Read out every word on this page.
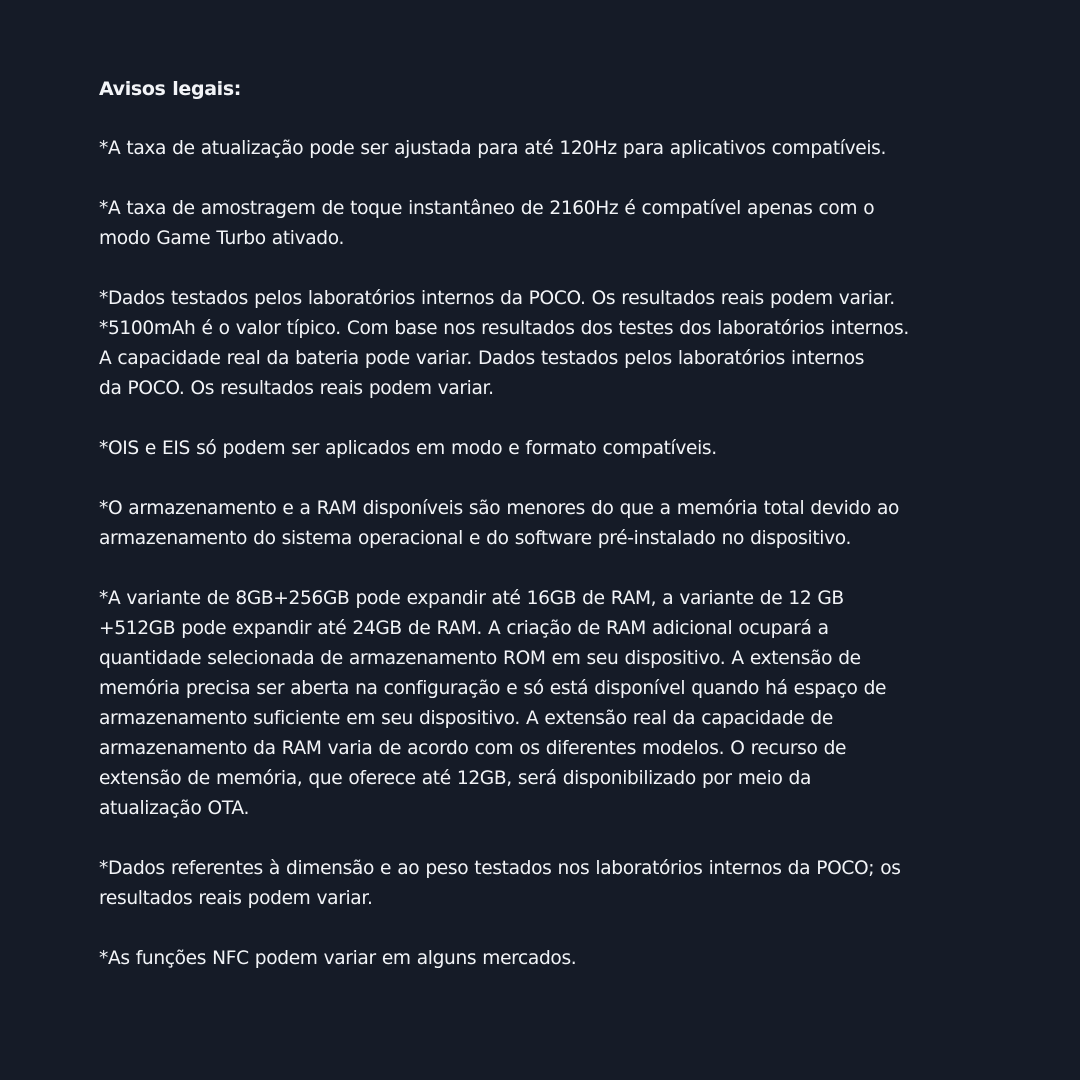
Avisos legais:
*A taxa de atualização pode ser ajustada para até 120Hz para aplicativos compatíveis.
*A taxa de amostragem de toque instantâneo de 2160Hz é compatível apenas com o
modo Game Turbo ativado.
*Dados testados pelos laboratórios internos da POCO. Os resultados reais podem variar.
*5100mAh é o valor típico. Com base nos resultados dos testes dos laboratórios internos.
A capacidade real da bateria pode variar. Dados testados pelos laboratórios internos
da POCO. Os resultados reais podem variar.
*OIS e EIS só podem ser aplicados em modo e formato compatíveis.
*O armazenamento e a RAM disponíveis são menores do que a memória total devido ao
armazenamento do sistema operacional e do software pré-instalado no dispositivo.
*A variante de 8GB+256GB pode expandir até 16GB de RAM, a variante de 12 GB
+512GB pode expandir até 24GB de RAM. A criação de RAM adicional ocupará a
quantidade selecionada de armazenamento ROM em seu dispositivo. A extensão de
memória precisa ser aberta na configuração e só está disponível quando há espaço de
armazenamento suficiente em seu dispositivo. A extensão real da capacidade de
armazenamento da RAM varia de acordo com os diferentes modelos. O recurso de
extensão de memória, que oferece até 12GB, será disponibilizado por meio da
atualização OTA.
*Dados referentes à dimensão e ao peso testados nos laboratórios internos da POCO; os
resultados reais podem variar.
*As funções NFC podem variar em alguns mercados.
